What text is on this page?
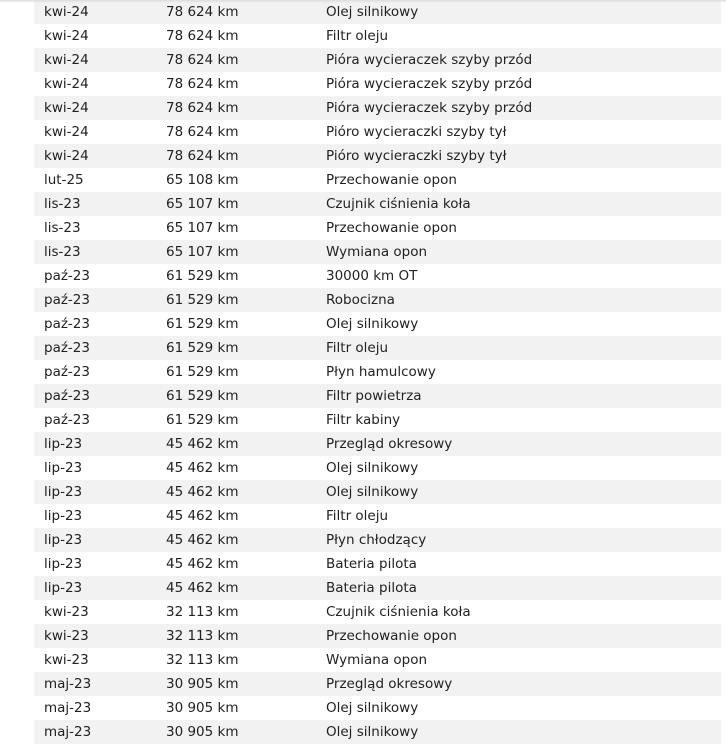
kwi-24	78 624 km	Olej silnikowy
kwi-24	78 624 km	Filtr oleju
kwi-24	78 624 km	Pióra wycieraczek szyby przód
kwi-24	78 624 km	Pióra wycieraczek szyby przód
kwi-24	78 624 km	Pióra wycieraczek szyby przód
kwi-24	78 624 km	Pióro wycieraczki szyby tył
kwi-24	78 624 km	Pióro wycieraczki szyby tył
lut-25	65 108 km	Przechowanie opon
lis-23	65 107 km	Czujnik ciśnienia koła
lis-23	65 107 km	Przechowanie opon
lis-23	65 107 km	Wymiana opon
paź-23	61 529 km	30000 km OT
paź-23	61 529 km	Robocizna
paź-23	61 529 km	Olej silnikowy
paź-23	61 529 km	Filtr oleju
paź-23	61 529 km	Płyn hamulcowy
paź-23	61 529 km	Filtr powietrza
paź-23	61 529 km	Filtr kabiny
lip-23	45 462 km	Przegląd okresowy
lip-23	45 462 km	Olej silnikowy
lip-23	45 462 km	Olej silnikowy
lip-23	45 462 km	Filtr oleju
lip-23	45 462 km	Płyn chłodzący
lip-23	45 462 km	Bateria pilota
lip-23	45 462 km	Bateria pilota
kwi-23	32 113 km	Czujnik ciśnienia koła
kwi-23	32 113 km	Przechowanie opon
kwi-23	32 113 km	Wymiana opon
maj-23	30 905 km	Przegląd okresowy
maj-23	30 905 km	Olej silnikowy
maj-23	30 905 km	Olej silnikowy
